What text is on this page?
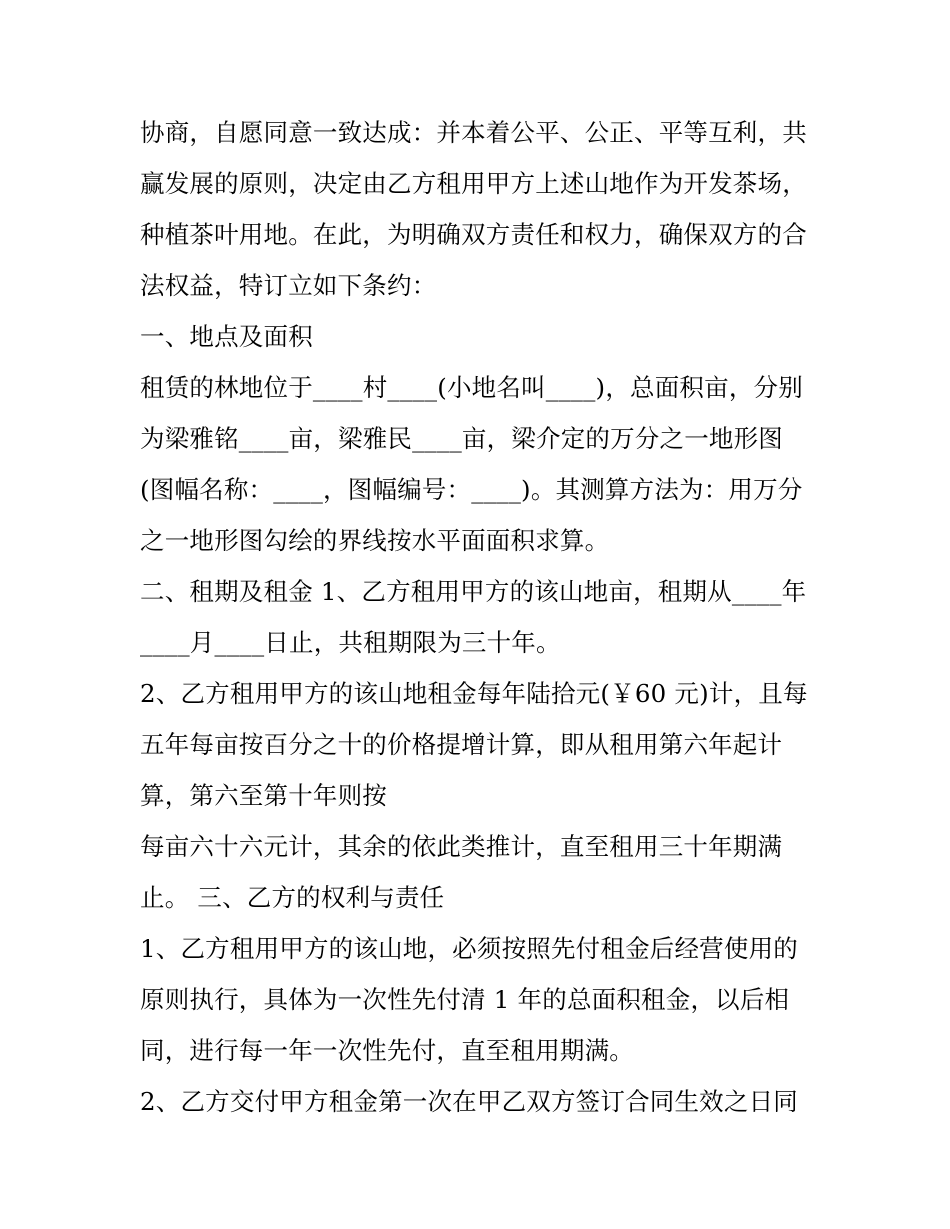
协商，自愿同意一致达成：并本着公平、公正、平等互利，共
赢发展的原则，决定由乙方租用甲方上述山地作为开发茶场，
种植茶叶用地。在此，为明确双方责任和权力，确保双方的合
法权益，特订立如下条约：
一、地点及面积
租赁的林地位于____村____(小地名叫____)，总面积亩，分别
为梁雅铭____亩，梁雅民____亩，梁介定的万分之一地形图
(图幅名称：____，图幅编号：____)。其测算方法为：用万分
之一地形图勾绘的界线按水平面面积求算。
二、租期及租金 1、乙方租用甲方的该山地亩，租期从____年
____月____日止，共租期限为三十年。
2、乙方租用甲方的该山地租金每年陆拾元(￥60 元)计，且每
五年每亩按百分之十的价格提增计算，即从租用第六年起计
算，第六至第十年则按
每亩六十六元计，其余的依此类推计，直至租用三十年期满
止。 三、乙方的权利与责任
1、乙方租用甲方的该山地，必须按照先付租金后经营使用的
原则执行，具体为一次性先付清 1 年的总面积租金，以后相
同，进行每一年一次性先付，直至租用期满。
2、乙方交付甲方租金第一次在甲乙双方签订合同生效之日同
